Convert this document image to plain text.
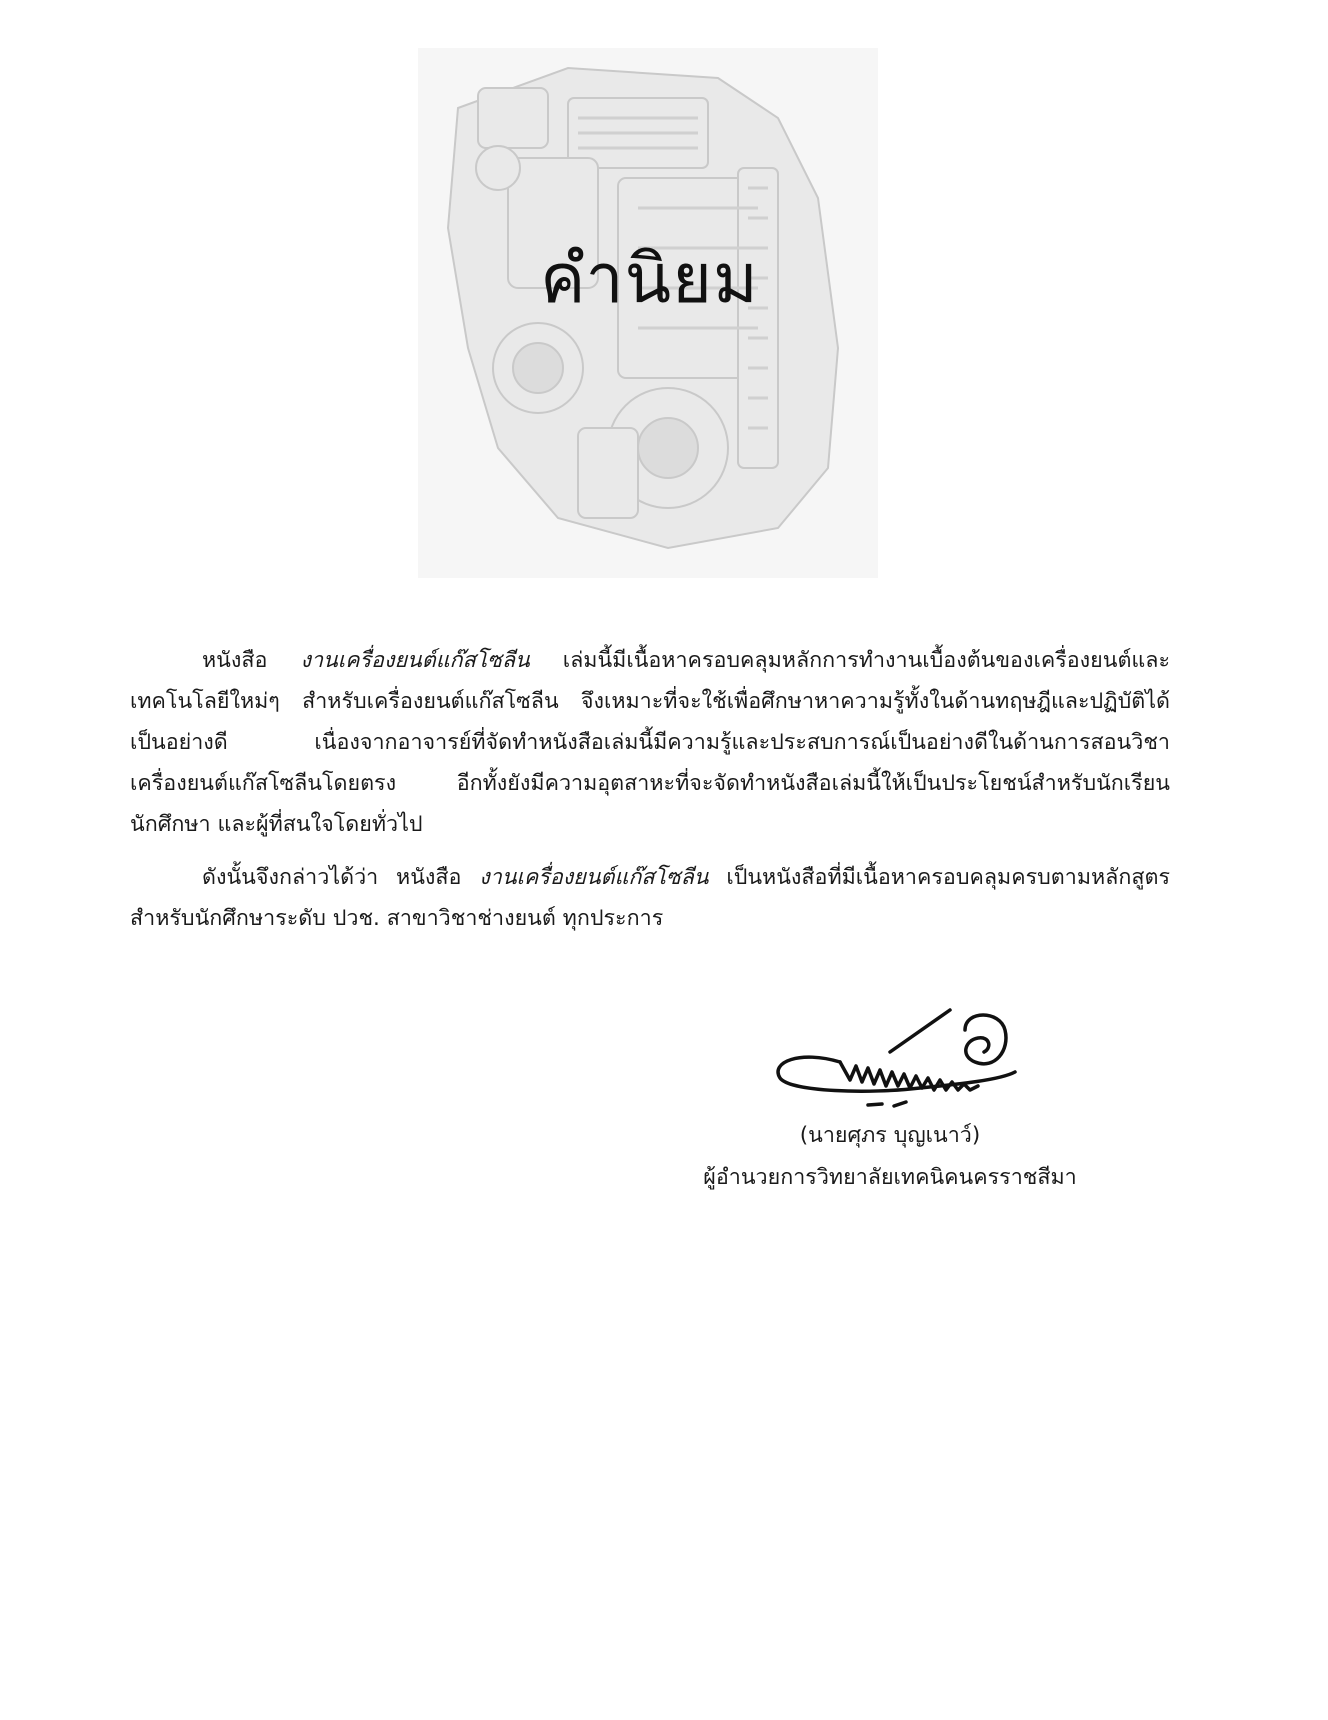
คำนิยม

หนังสือ งานเครื่องยนต์แก๊สโซลีน เล่มนี้มีเนื้อหาครอบคลุมหลักการทำงานเบื้องต้นของเครื่องยนต์และเทคโนโลยีใหม่ๆ สำหรับเครื่องยนต์แก๊สโซลีน จึงเหมาะที่จะใช้เพื่อศึกษาหาความรู้ทั้งในด้านทฤษฎีและปฏิบัติได้เป็นอย่างดี เนื่องจากอาจารย์ที่จัดทำหนังสือเล่มนี้มีความรู้และประสบการณ์เป็นอย่างดีในด้านการสอนวิชาเครื่องยนต์แก๊สโซลีนโดยตรง อีกทั้งยังมีความอุตสาหะที่จะจัดทำหนังสือเล่มนี้ให้เป็นประโยชน์สำหรับนักเรียน นักศึกษา และผู้ที่สนใจโดยทั่วไป

ดังนั้นจึงกล่าวได้ว่า หนังสือ งานเครื่องยนต์แก๊สโซลีน เป็นหนังสือที่มีเนื้อหาครอบคลุมครบตามหลักสูตรสำหรับนักศึกษาระดับ ปวช. สาขาวิชาช่างยนต์ ทุกประการ

(นายศุภร บุญเนาว์)
ผู้อำนวยการวิทยาลัยเทคนิคนครราชสีมา
